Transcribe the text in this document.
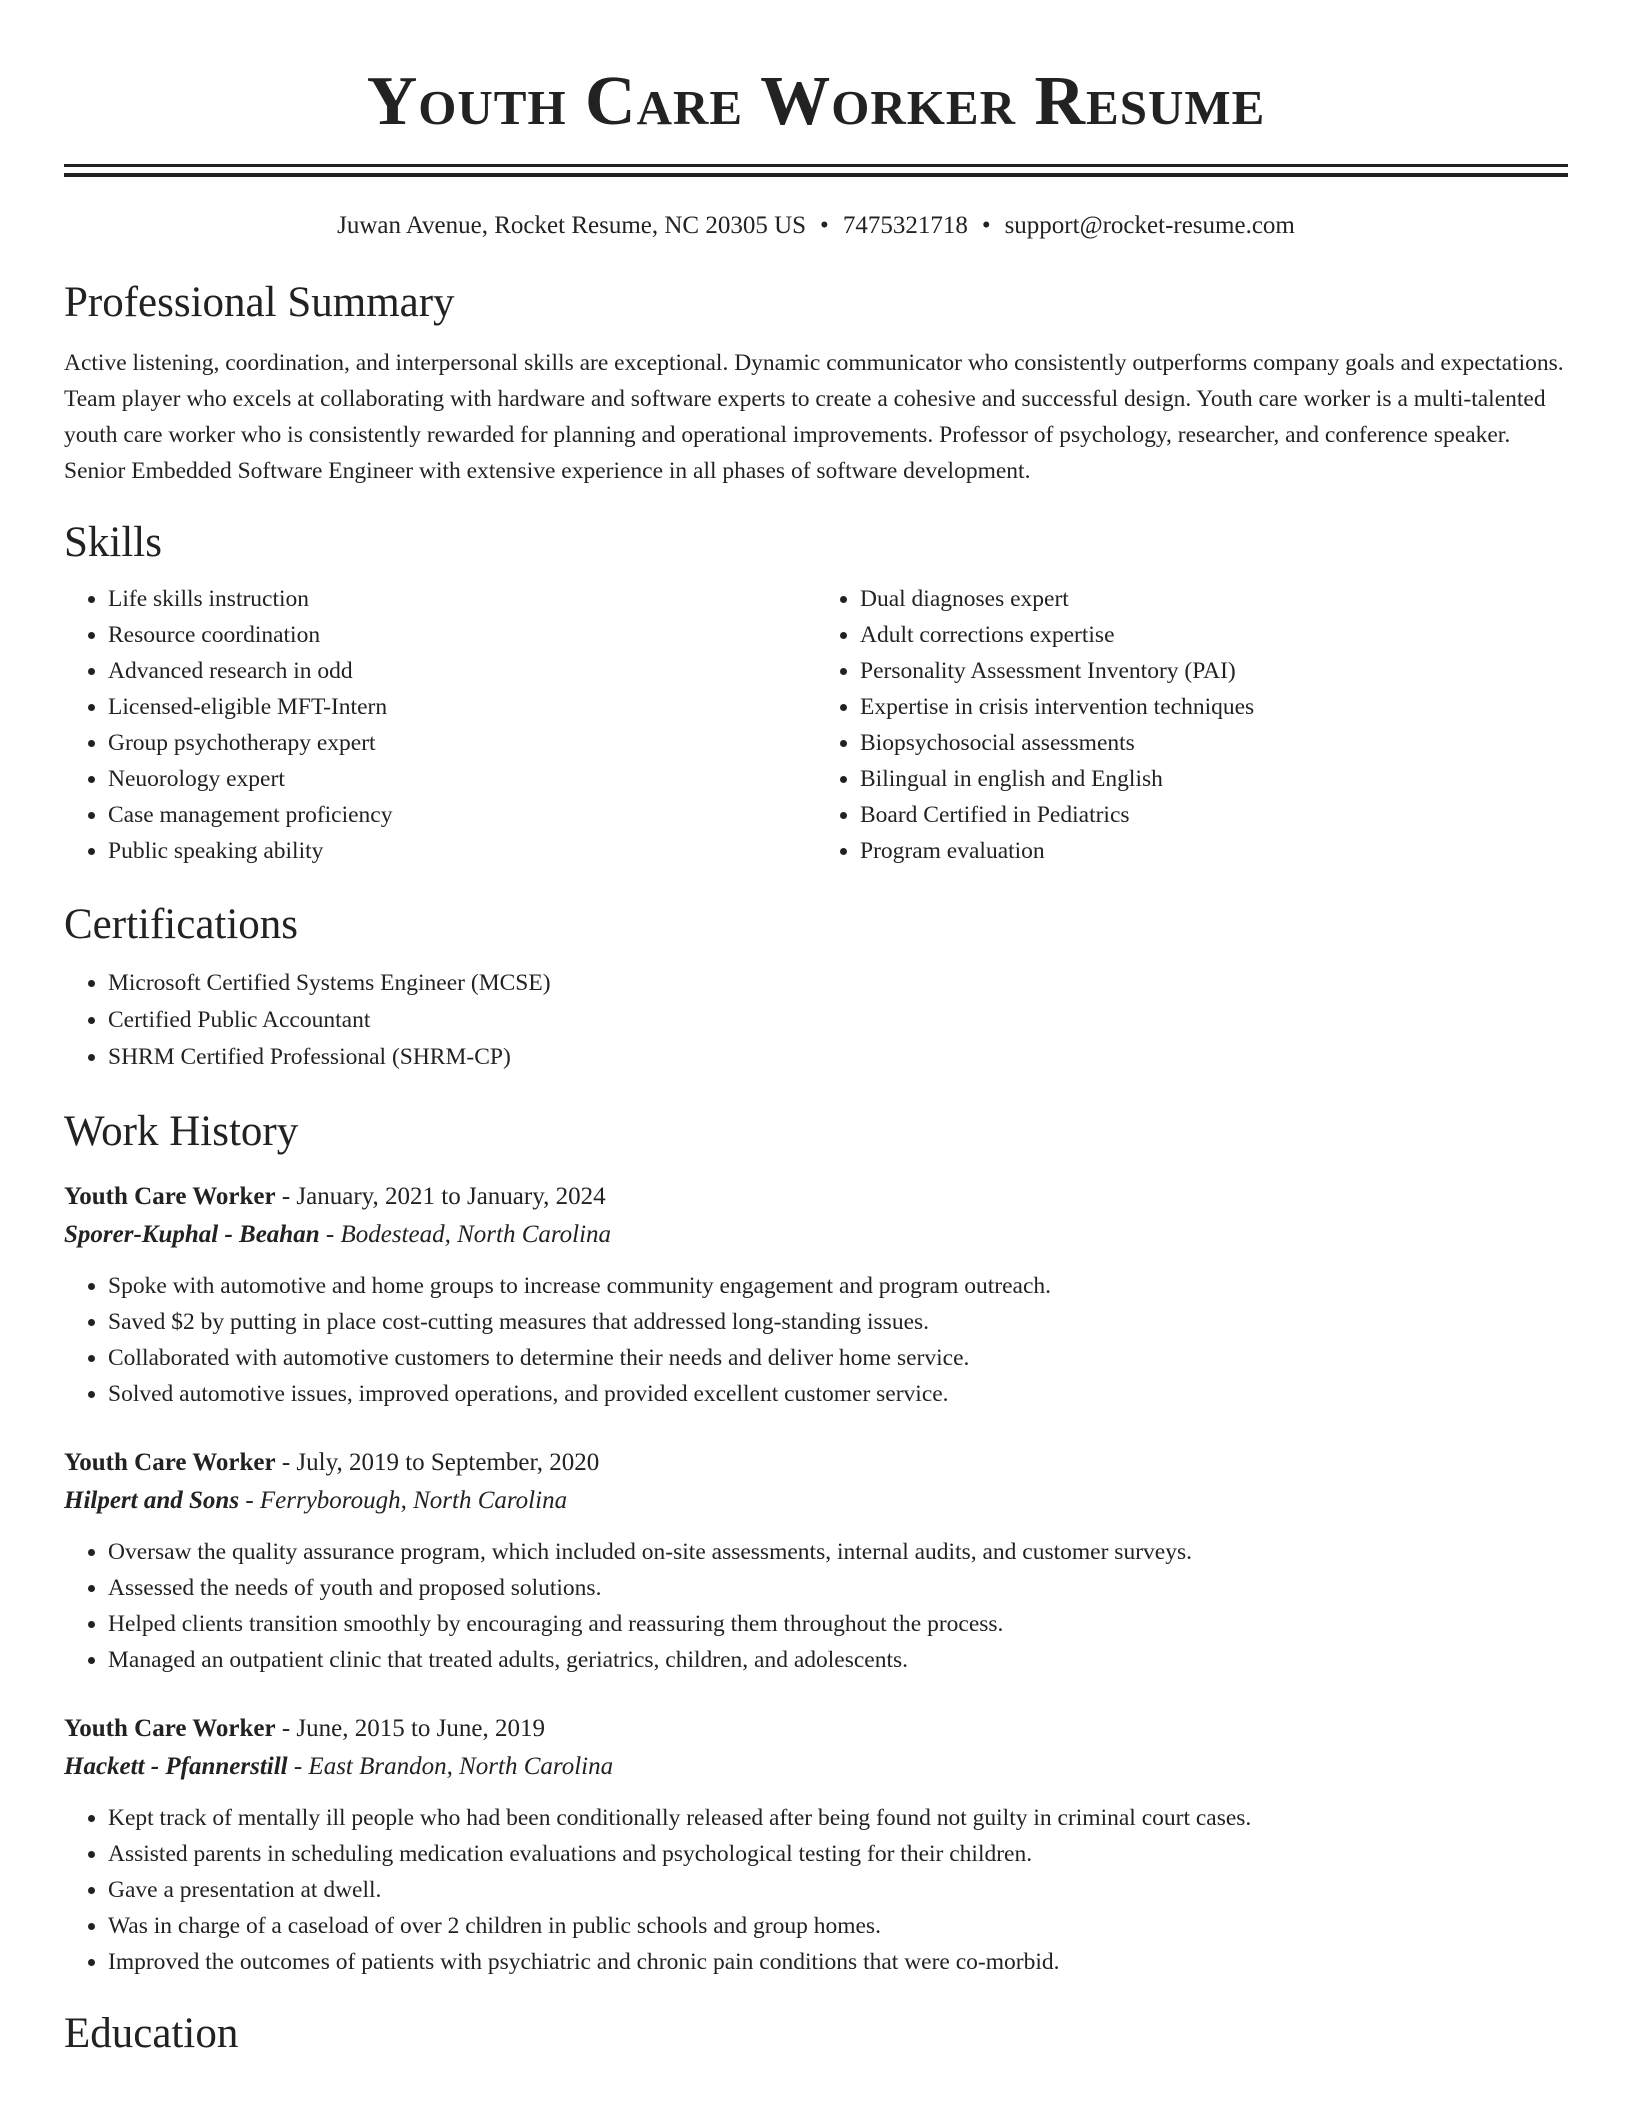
Youth Care Worker Resume
Juwan Avenue, Rocket Resume, NC 20305 US • 7475321718 • support@rocket-resume.com
Professional Summary

Active listening, coordination, and interpersonal skills are exceptional. Dynamic communicator who consistently outperforms company goals and expectations. Team player who excels at collaborating with hardware and software experts to create a cohesive and successful design. Youth care worker is a multi-talented youth care worker who is consistently rewarded for planning and operational improvements. Professor of psychology, researcher, and conference speaker. Senior Embedded Software Engineer with extensive experience in all phases of software development.

Skills
• Life skills instruction
• Resource coordination
• Advanced research in odd
• Licensed-eligible MFT-Intern
• Group psychotherapy expert
• Neuorology expert
• Case management proficiency
• Public speaking ability
• Dual diagnoses expert
• Adult corrections expertise
• Personality Assessment Inventory (PAI)
• Expertise in crisis intervention techniques
• Biopsychosocial assessments
• Bilingual in english and English
• Board Certified in Pediatrics
• Program evaluation
Certifications
• Microsoft Certified Systems Engineer (MCSE)
• Certified Public Accountant
• SHRM Certified Professional (SHRM-CP)
Work History
Youth Care Worker - January, 2021 to January, 2024
Sporer-Kuphal - Beahan - Bodestead, North Carolina
• Spoke with automotive and home groups to increase community engagement and program outreach.
• Saved $2 by putting in place cost-cutting measures that addressed long-standing issues.
• Collaborated with automotive customers to determine their needs and deliver home service.
• Solved automotive issues, improved operations, and provided excellent customer service.
Youth Care Worker - July, 2019 to September, 2020
Hilpert and Sons - Ferryborough, North Carolina
• Oversaw the quality assurance program, which included on-site assessments, internal audits, and customer surveys.
• Assessed the needs of youth and proposed solutions.
• Helped clients transition smoothly by encouraging and reassuring them throughout the process.
• Managed an outpatient clinic that treated adults, geriatrics, children, and adolescents.
Youth Care Worker - June, 2015 to June, 2019
Hackett - Pfannerstill - East Brandon, North Carolina
• Kept track of mentally ill people who had been conditionally released after being found not guilty in criminal court cases.
• Assisted parents in scheduling medication evaluations and psychological testing for their children.
• Gave a presentation at dwell.
• Was in charge of a caseload of over 2 children in public schools and group homes.
• Improved the outcomes of patients with psychiatric and chronic pain conditions that were co-morbid.
Education
